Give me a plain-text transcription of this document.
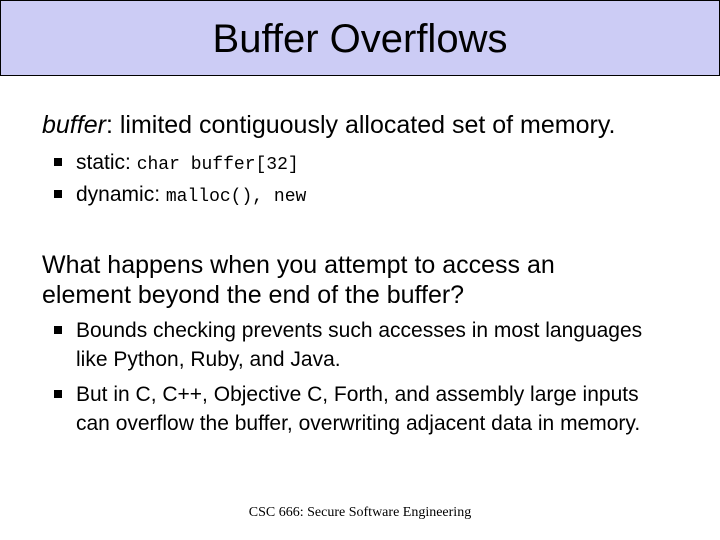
Buffer Overflows

buffer: limited contiguously allocated set of memory.

static: char buffer[32]
dynamic: malloc(), new

What happens when you attempt to access an element beyond the end of the buffer?

Bounds checking prevents such accesses in most languages like Python, Ruby, and Java.
But in C, C++, Objective C, Forth, and assembly large inputs can overflow the buffer, overwriting adjacent data in memory.
CSC 666: Secure Software Engineering
